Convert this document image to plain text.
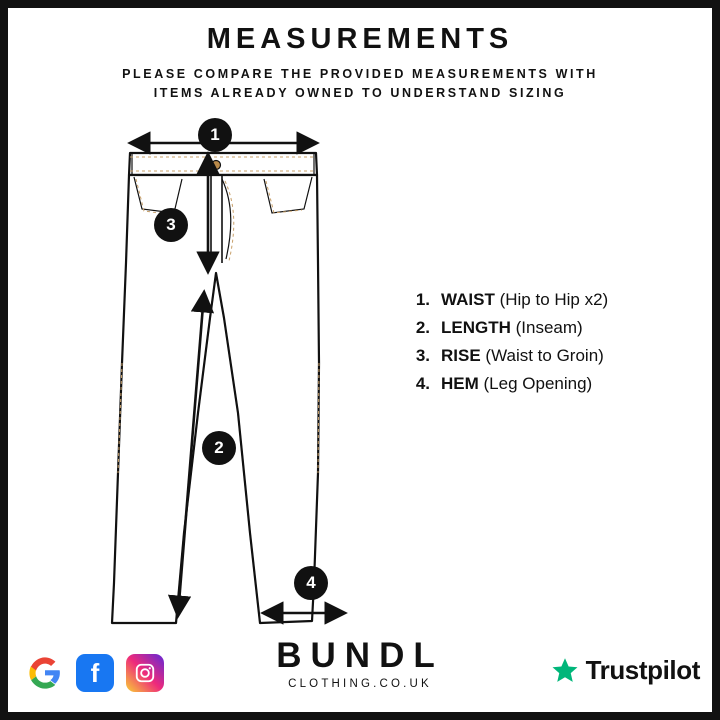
MEASUREMENTS
PLEASE COMPARE THE PROVIDED MEASUREMENTS WITH
ITEMS ALREADY OWNED TO UNDERSTAND SIZING
1
3
2
4
1. WAIST (Hip to Hip x2)
2. LENGTH (Inseam)
3. RISE (Waist to Groin)
4. HEM (Leg Opening)
f	BUNDL
CLOTHING.CO.UK	Trustpilot
